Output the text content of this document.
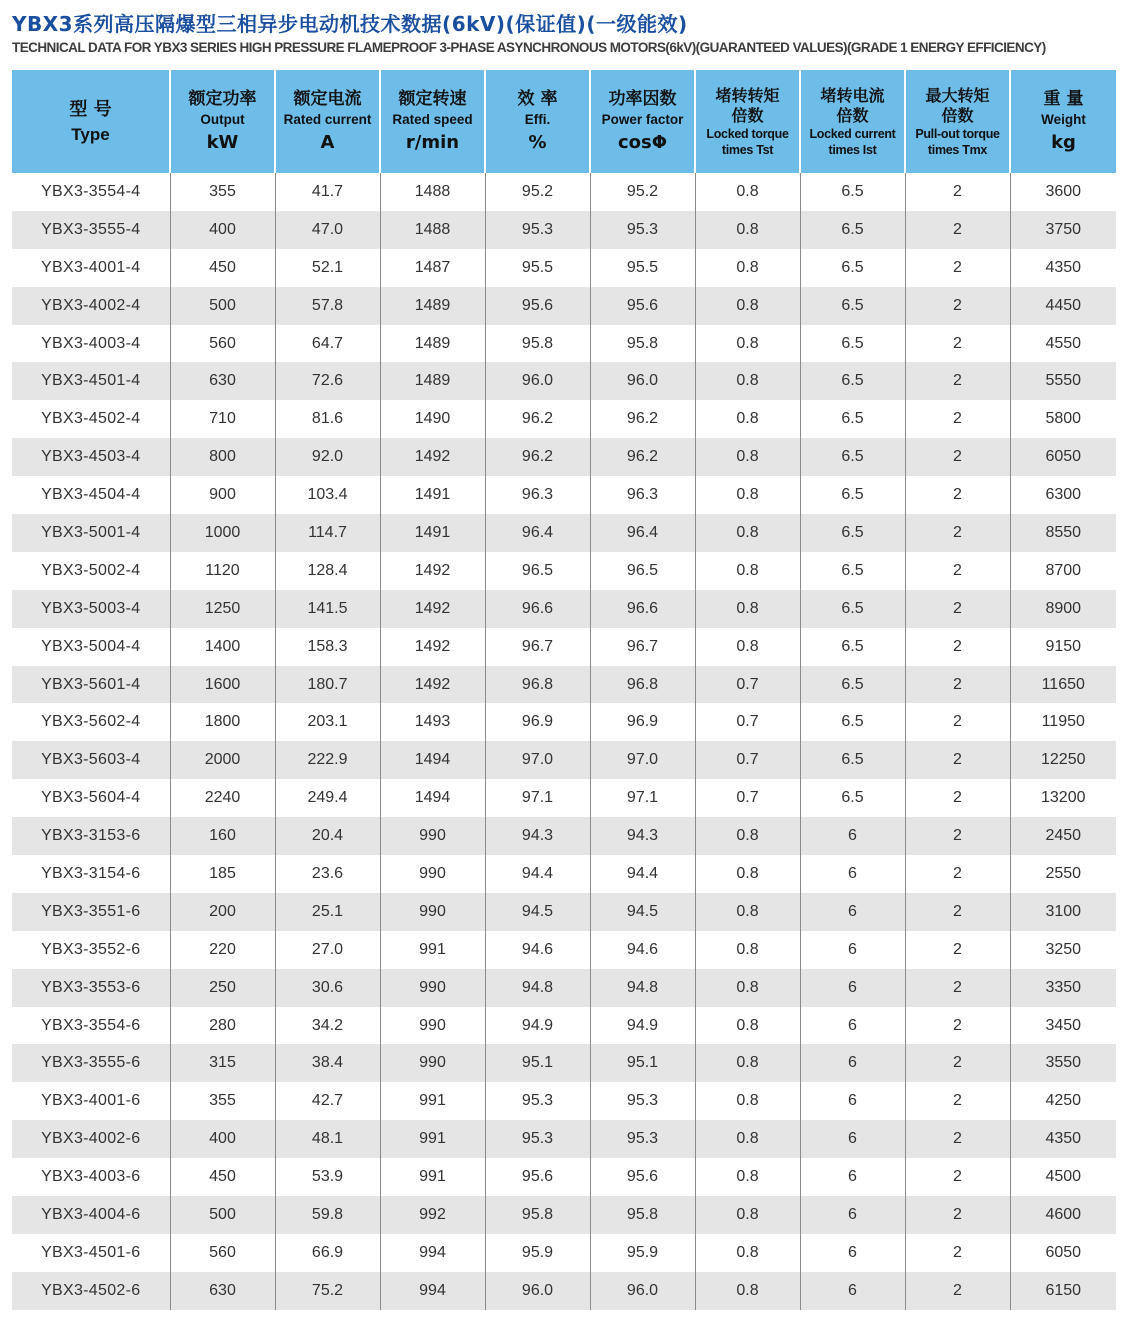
YBX3系列高压隔爆型三相异步电动机技术数据(6kV)(保证值)(一级能效)
TECHNICAL DATA FOR YBX3 SERIES HIGH PRESSURE FLAMEPROOF 3-PHASE ASYNCHRONOUS MOTORS(6kV)(GUARANTEED VALUES)(GRADE 1 ENERGY EFFICIENCY)
型 号
Type	额定功率
Output
kW	额定电流
Rated current
A	额定转速
Rated speed
r/min	效 率
Effi.
%	功率因数
Power factor
cosΦ	堵转转矩
倍数
Locked torque
times Tst	堵转电流
倍数
Locked current
times Ist	最大转矩
倍数
Pull-out torque
times Tmx	重 量
Weight
kg

YBX3-3554-4	355	41.7	1488	95.2	95.2	0.8	6.5	2	3600
YBX3-3555-4	400	47.0	1488	95.3	95.3	0.8	6.5	2	3750
YBX3-4001-4	450	52.1	1487	95.5	95.5	0.8	6.5	2	4350
YBX3-4002-4	500	57.8	1489	95.6	95.6	0.8	6.5	2	4450
YBX3-4003-4	560	64.7	1489	95.8	95.8	0.8	6.5	2	4550
YBX3-4501-4	630	72.6	1489	96.0	96.0	0.8	6.5	2	5550
YBX3-4502-4	710	81.6	1490	96.2	96.2	0.8	6.5	2	5800
YBX3-4503-4	800	92.0	1492	96.2	96.2	0.8	6.5	2	6050
YBX3-4504-4	900	103.4	1491	96.3	96.3	0.8	6.5	2	6300
YBX3-5001-4	1000	114.7	1491	96.4	96.4	0.8	6.5	2	8550
YBX3-5002-4	1120	128.4	1492	96.5	96.5	0.8	6.5	2	8700
YBX3-5003-4	1250	141.5	1492	96.6	96.6	0.8	6.5	2	8900
YBX3-5004-4	1400	158.3	1492	96.7	96.7	0.8	6.5	2	9150
YBX3-5601-4	1600	180.7	1492	96.8	96.8	0.7	6.5	2	11650
YBX3-5602-4	1800	203.1	1493	96.9	96.9	0.7	6.5	2	11950
YBX3-5603-4	2000	222.9	1494	97.0	97.0	0.7	6.5	2	12250
YBX3-5604-4	2240	249.4	1494	97.1	97.1	0.7	6.5	2	13200
YBX3-3153-6	160	20.4	990	94.3	94.3	0.8	6	2	2450
YBX3-3154-6	185	23.6	990	94.4	94.4	0.8	6	2	2550
YBX3-3551-6	200	25.1	990	94.5	94.5	0.8	6	2	3100
YBX3-3552-6	220	27.0	991	94.6	94.6	0.8	6	2	3250
YBX3-3553-6	250	30.6	990	94.8	94.8	0.8	6	2	3350
YBX3-3554-6	280	34.2	990	94.9	94.9	0.8	6	2	3450
YBX3-3555-6	315	38.4	990	95.1	95.1	0.8	6	2	3550
YBX3-4001-6	355	42.7	991	95.3	95.3	0.8	6	2	4250
YBX3-4002-6	400	48.1	991	95.3	95.3	0.8	6	2	4350
YBX3-4003-6	450	53.9	991	95.6	95.6	0.8	6	2	4500
YBX3-4004-6	500	59.8	992	95.8	95.8	0.8	6	2	4600
YBX3-4501-6	560	66.9	994	95.9	95.9	0.8	6	2	6050
YBX3-4502-6	630	75.2	994	96.0	96.0	0.8	6	2	6150
